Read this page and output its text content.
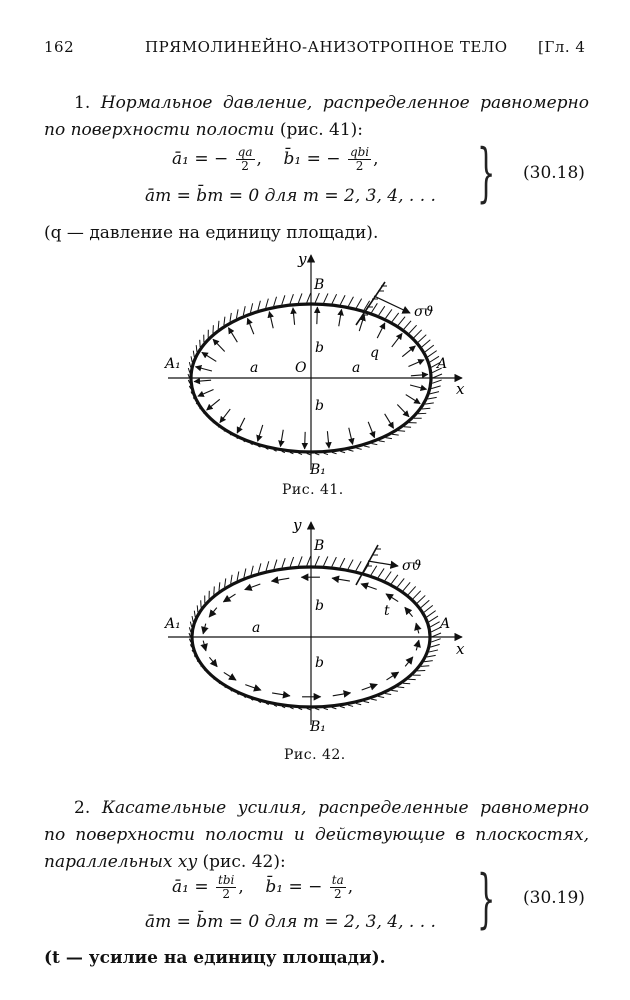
162	ПРЯМОЛИНЕЙНО-АНИЗОТРОПНОЕ ТЕЛО [Гл. 4
1. Нормальное давление, распределенное равномерно по поверхности полости (рис. 41):
ā₁ = − $\frac{qa}{2}$ , b̄₁ = − $\frac{\text{qbi}}{2}$ ,
ām = b̄m = 0 для m = 2, 3, 4, . . . } (30.18)
(q — давление на единицу площади).
y
B
B₁
A₁	A
x
O
a	a
b
b
q
σϑ
Рис. 41.
y
B
B₁
A₁	A
x
a
b
b
t
σϑ
Рис. 42.
2. Касательные усилия, распределенные равномерно по поверхности полости и действующие в плоскостях, параллельных xy (рис. 42):
ā₁ = $\frac{\text{tbi}}{2}$ , b̄₁ = − $\frac{ta}{2}$ ,
ām = b̄m = 0 для m = 2, 3, 4, . . . } (30.19)
(t — усилие на единицу площади).
